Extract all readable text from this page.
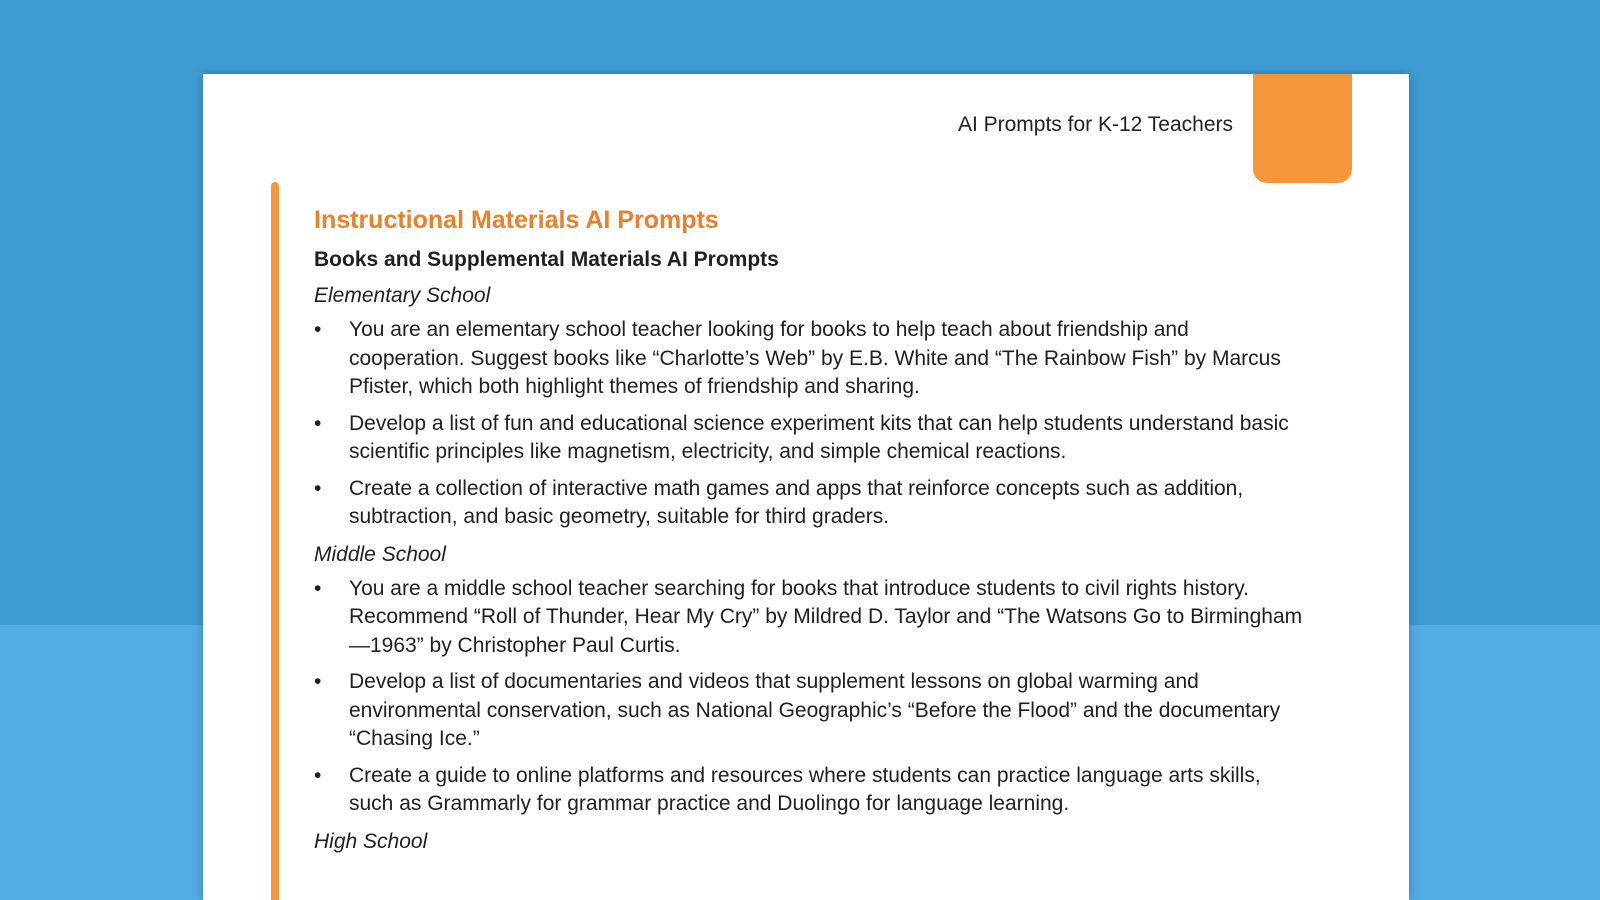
AI Prompts for K-12 Teachers
Instructional Materials AI Prompts
Books and Supplemental Materials AI Prompts
Elementary School
•	You are an elementary school teacher looking for books to help teach about friendship and cooperation. Suggest books like “Charlotte’s Web” by E.B. White and “The Rainbow Fish” by Marcus Pfister, which both highlight themes of friendship and sharing.
•	Develop a list of fun and educational science experiment kits that can help students understand basic scientific principles like magnetism, electricity, and simple chemical reactions.
•	Create a collection of interactive math games and apps that reinforce concepts such as addition, subtraction, and basic geometry, suitable for third graders.
Middle School
•	You are a middle school teacher searching for books that introduce students to civil rights history. Recommend “Roll of Thunder, Hear My Cry” by Mildred D. Taylor and “The Watsons Go to Birmingham—1963” by Christopher Paul Curtis.
•	Develop a list of documentaries and videos that supplement lessons on global warming and environmental conservation, such as National Geographic’s “Before the Flood” and the documentary “Chasing Ice.”
•	Create a guide to online platforms and resources where students can practice language arts skills, such as Grammarly for grammar practice and Duolingo for language learning.
High School
